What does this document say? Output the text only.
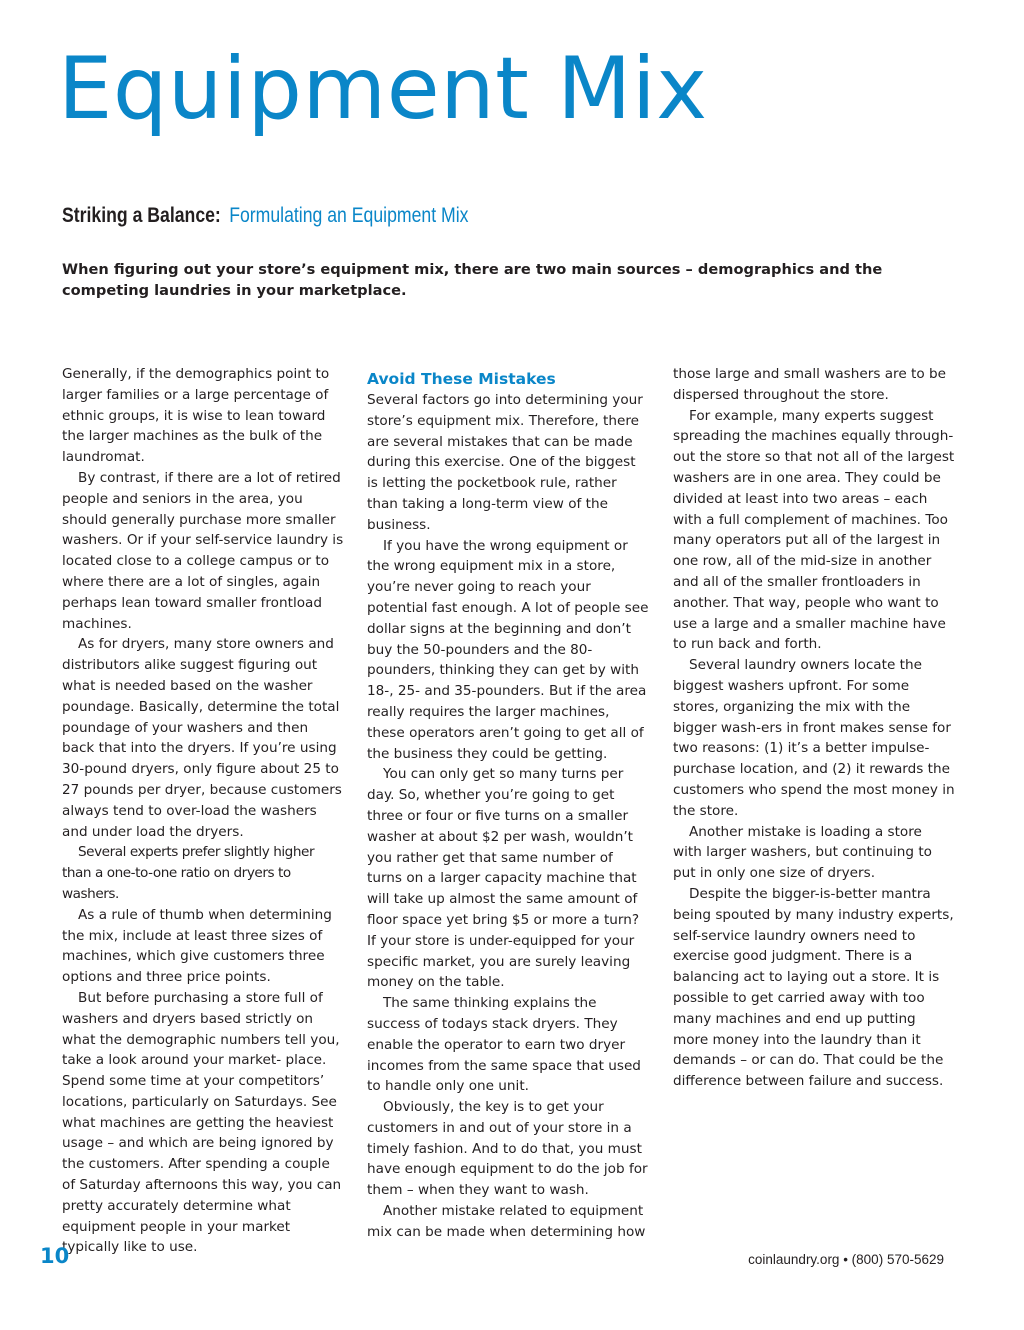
Equipment Mix
Striking a Balance: Formulating an Equipment Mix

When figuring out your store’s equipment mix, there are two main sources – demographics and the competing laundries in your marketplace.

Generally, if the demographics point to larger families or a large percentage of ethnic groups, it is wise to lean toward the larger machines as the bulk of the laundromat.

By contrast, if there are a lot of retired people and seniors in the area, you should generally purchase more smaller washers. Or if your self-service laundry is located close to a college campus or to where there are a lot of singles, again perhaps lean toward smaller frontload machines.

As for dryers, many store owners and distributors alike suggest figuring out what is needed based on the washer poundage. Basically, determine the total poundage of your washers and then back that into the dryers. If you’re using 30-pound dryers, only figure about 25 to 27 pounds per dryer, because customers always tend to over-load the washers and under load the dryers.

Several experts prefer slightly higher than a one-to-one ratio on dryers to washers.

As a rule of thumb when determining the mix, include at least three sizes of machines, which give customers three options and three price points.

But before purchasing a store full of washers and dryers based strictly on what the demographic numbers tell you, take a look around your market- place. Spend some time at your competitors’ locations, particularly on Saturdays. See what machines are getting the heaviest usage – and which are being ignored by the customers. After spending a couple of Saturday afternoons this way, you can pretty accurately determine what equipment people in your market typically like to use.

Avoid These Mistakes

Several factors go into determining your store’s equipment mix. Therefore, there are several mistakes that can be made during this exercise. One of the biggest is letting the pocketbook rule, rather than taking a long-term view of the business.

If you have the wrong equipment or the wrong equipment mix in a store, you’re never going to reach your potential fast enough. A lot of people see dollar signs at the beginning and don’t buy the 50-pounders and the 80-pounders, thinking they can get by with 18-, 25- and 35-pounders. But if the area really requires the larger machines, these operators aren’t going to get all of the business they could be getting.

You can only get so many turns per day. So, whether you’re going to get three or four or five turns on a smaller washer at about $2 per wash, wouldn’t you rather get that same number of turns on a larger capacity machine that will take up almost the same amount of floor space yet bring $5 or more a turn? If your store is under-equipped for your specific market, you are surely leaving money on the table.

The same thinking explains the success of todays stack dryers. They enable the operator to earn two dryer incomes from the same space that used to handle only one unit.

Obviously, the key is to get your customers in and out of your store in a timely fashion. And to do that, you must have enough equipment to do the job for them – when they want to wash.

Another mistake related to equipment mix can be made when determining how

those large and small washers are to be dispersed throughout the store.

For example, many experts suggest spreading the machines equally through-out the store so that not all of the largest washers are in one area. They could be divided at least into two areas – each with a full complement of machines. Too many operators put all of the largest in one row, all of the mid-size in another and all of the smaller frontloaders in another. That way, people who want to use a large and a smaller machine have to run back and forth.

Several laundry owners locate the biggest washers upfront. For some stores, organizing the mix with the bigger wash-ers in front makes sense for two reasons: (1) it’s a better impulse-purchase location, and (2) it rewards the customers who spend the most money in the store.

Another mistake is loading a store with larger washers, but continuing to put in only one size of dryers.

Despite the bigger-is-better mantra being spouted by many industry experts, self-service laundry owners need to exercise good judgment. There is a balancing act to laying out a store. It is possible to get carried away with too many machines and end up putting more money into the laundry than it demands – or can do. That could be the difference between failure and success.

10	coinlaundry.org • (800) 570-5629
